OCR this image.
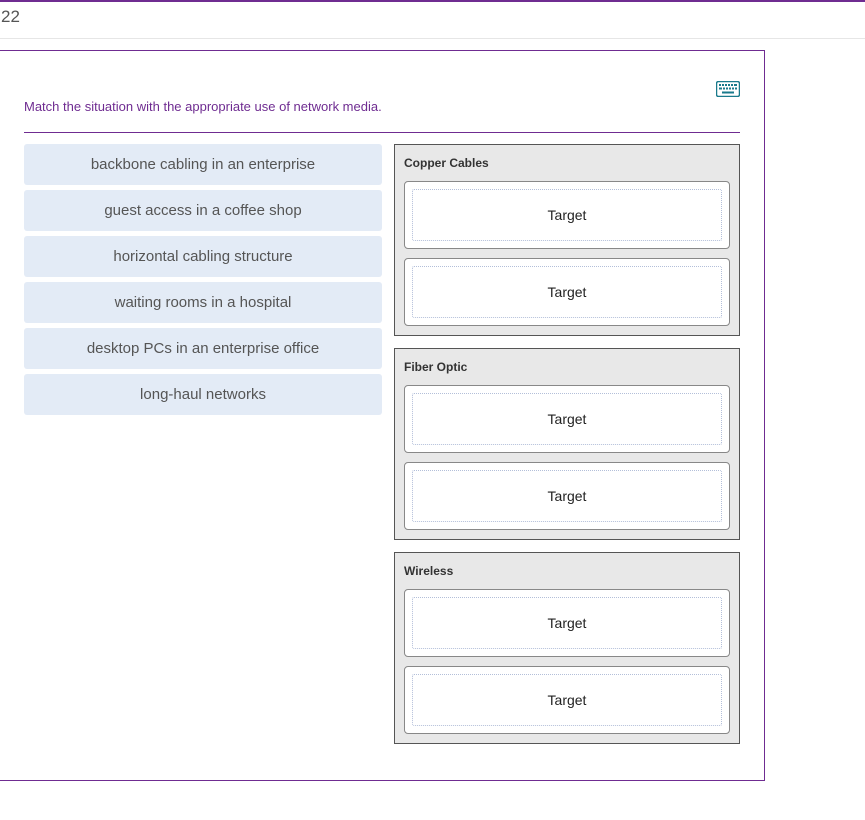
22
Match the situation with the appropriate use of network media.
backbone cabling in an enterprise
guest access in a coffee shop
horizontal cabling structure
waiting rooms in a hospital
desktop PCs in an enterprise office
long-haul networks
Copper Cables
Target
Target
Fiber Optic
Target
Target
Wireless
Target
Target
